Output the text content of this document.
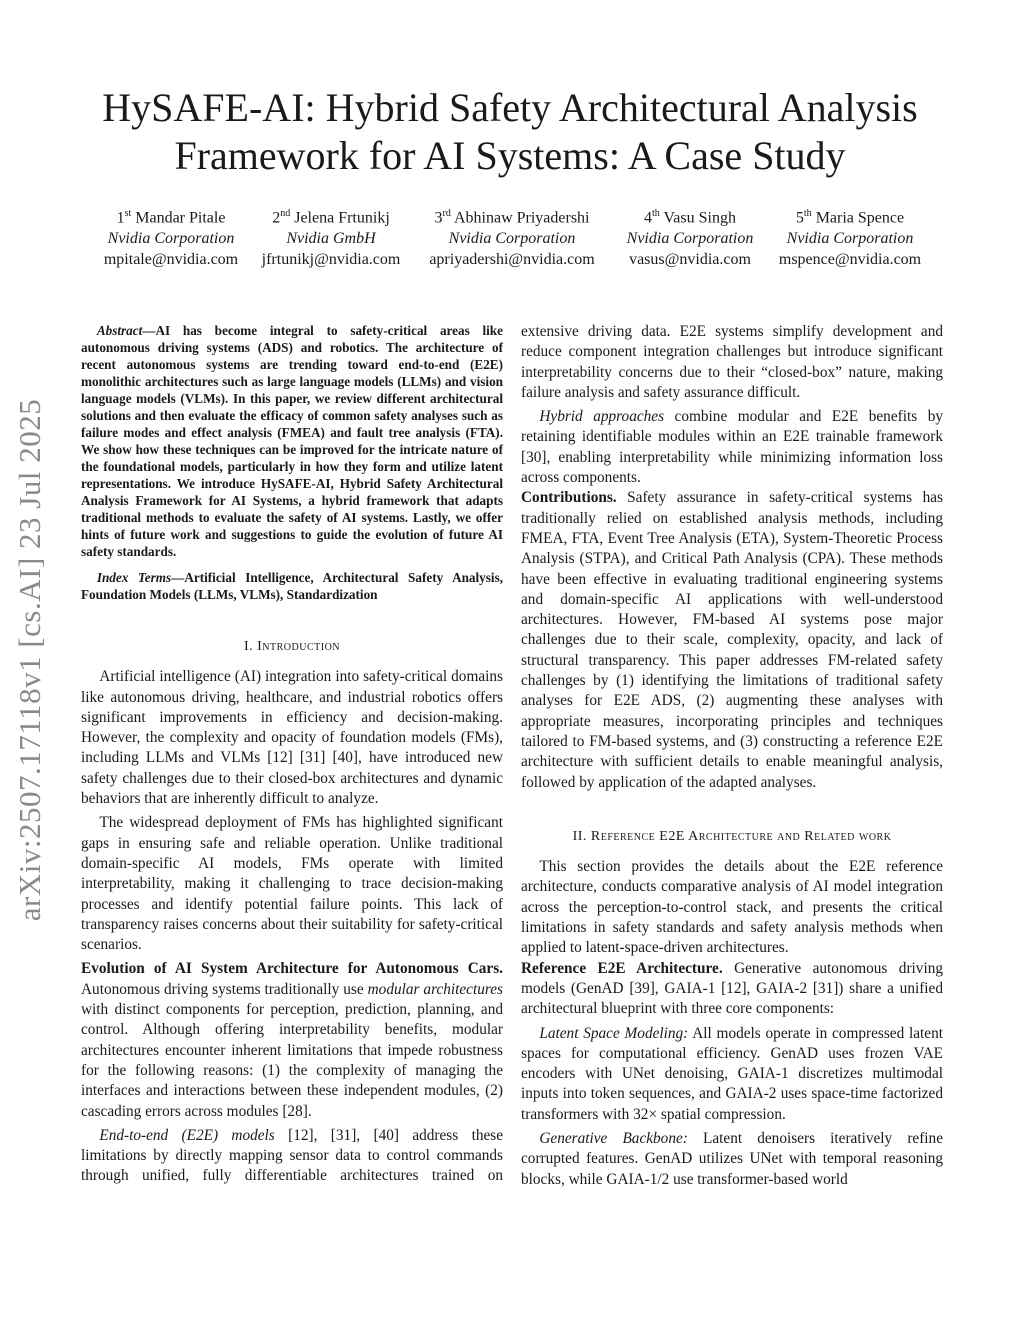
arXiv:2507.17118v1 [cs.AI] 23 Jul 2025
HySAFE-AI: Hybrid Safety Architectural Analysis
Framework for AI Systems: A Case Study
1st Mandar Pitale
Nvidia Corporation
mpitale@nvidia.com
2nd Jelena Frtunikj
Nvidia GmbH
jfrtunikj@nvidia.com
3rd Abhinaw Priyadershi
Nvidia Corporation
apriyadershi@nvidia.com
4th Vasu Singh
Nvidia Corporation
vasus@nvidia.com
5th Maria Spence
Nvidia Corporation
mspence@nvidia.com

Abstract—AI has become integral to safety-critical areas like autonomous driving systems (ADS) and robotics. The architecture of recent autonomous systems are trending toward end-to-end (E2E) monolithic architectures such as large language models (LLMs) and vision language models (VLMs). In this paper, we review different architectural solutions and then evaluate the efficacy of common safety analyses such as failure modes and effect analysis (FMEA) and fault tree analysis (FTA). We show how these techniques can be improved for the intricate nature of the foundational models, particularly in how they form and utilize latent representations. We introduce HySAFE-AI, Hybrid Safety Architectural Analysis Framework for AI Systems, a hybrid framework that adapts traditional methods to evaluate the safety of AI systems. Lastly, we offer hints of future work and suggestions to guide the evolution of future AI safety standards.

Index Terms—Artificial Intelligence, Architectural Safety Analysis, Foundation Models (LLMs, VLMs), Standardization

I. Introduction

Artificial intelligence (AI) integration into safety-critical domains like autonomous driving, healthcare, and industrial robotics offers significant improvements in efficiency and decision-making. However, the complexity and opacity of foundation models (FMs), including LLMs and VLMs [12] [31] [40], have introduced new safety challenges due to their closed-box architectures and dynamic behaviors that are inherently difficult to analyze.

The widespread deployment of FMs has highlighted significant gaps in ensuring safe and reliable operation. Unlike traditional domain-specific AI models, FMs operate with limited interpretability, making it challenging to trace decision-making processes and identify potential failure points. This lack of transparency raises concerns about their suitability for safety-critical scenarios.

Evolution of AI System Architecture for Autonomous Cars. Autonomous driving systems traditionally use modular architectures with distinct components for perception, prediction, planning, and control. Although offering interpretability benefits, modular architectures encounter inherent limitations that impede robustness for the following reasons: (1) the complexity of managing the interfaces and interactions between these independent modules, (2) cascading errors across modules [28].

End-to-end (E2E) models [12], [31], [40] address these limitations by directly mapping sensor data to control commands through unified, fully differentiable architectures trained on extensive driving data. E2E systems simplify development and reduce component integration challenges but introduce significant interpretability concerns due to their “closed-box” nature, making failure analysis and safety assurance difficult.

Hybrid approaches combine modular and E2E benefits by retaining identifiable modules within an E2E trainable framework [30], enabling interpretability while minimizing information loss across components.

Contributions. Safety assurance in safety-critical systems has traditionally relied on established analysis methods, including FMEA, FTA, Event Tree Analysis (ETA), System-Theoretic Process Analysis (STPA), and Critical Path Analysis (CPA). These methods have been effective in evaluating traditional engineering systems and domain-specific AI applications with well-understood architectures. However, FM-based AI systems pose major challenges due to their scale, complexity, opacity, and lack of structural transparency. This paper addresses FM-related safety challenges by (1) identifying the limitations of traditional safety analyses for E2E ADS, (2) augmenting these analyses with appropriate measures, incorporating principles and techniques tailored to FM-based systems, and (3) constructing a reference E2E architecture with sufficient details to enable meaningful analysis, followed by application of the adapted analyses.

II. Reference E2E Architecture and Related work

This section provides the details about the E2E reference architecture, conducts comparative analysis of AI model integration across the perception-to-control stack, and presents the critical limitations in safety standards and safety analysis methods when applied to latent-space-driven architectures.

Reference E2E Architecture. Generative autonomous driving models (GenAD [39], GAIA-1 [12], GAIA-2 [31]) share a unified architectural blueprint with three core components:

Latent Space Modeling: All models operate in compressed latent spaces for computational efficiency. GenAD uses frozen VAE encoders with UNet denoising, GAIA-1 discretizes multimodal inputs into token sequences, and GAIA-2 uses space-time factorized transformers with 32× spatial compression.

Generative Backbone: Latent denoisers iteratively refine corrupted features. GenAD utilizes UNet with temporal reasoning blocks, while GAIA-1/2 use transformer-based world
